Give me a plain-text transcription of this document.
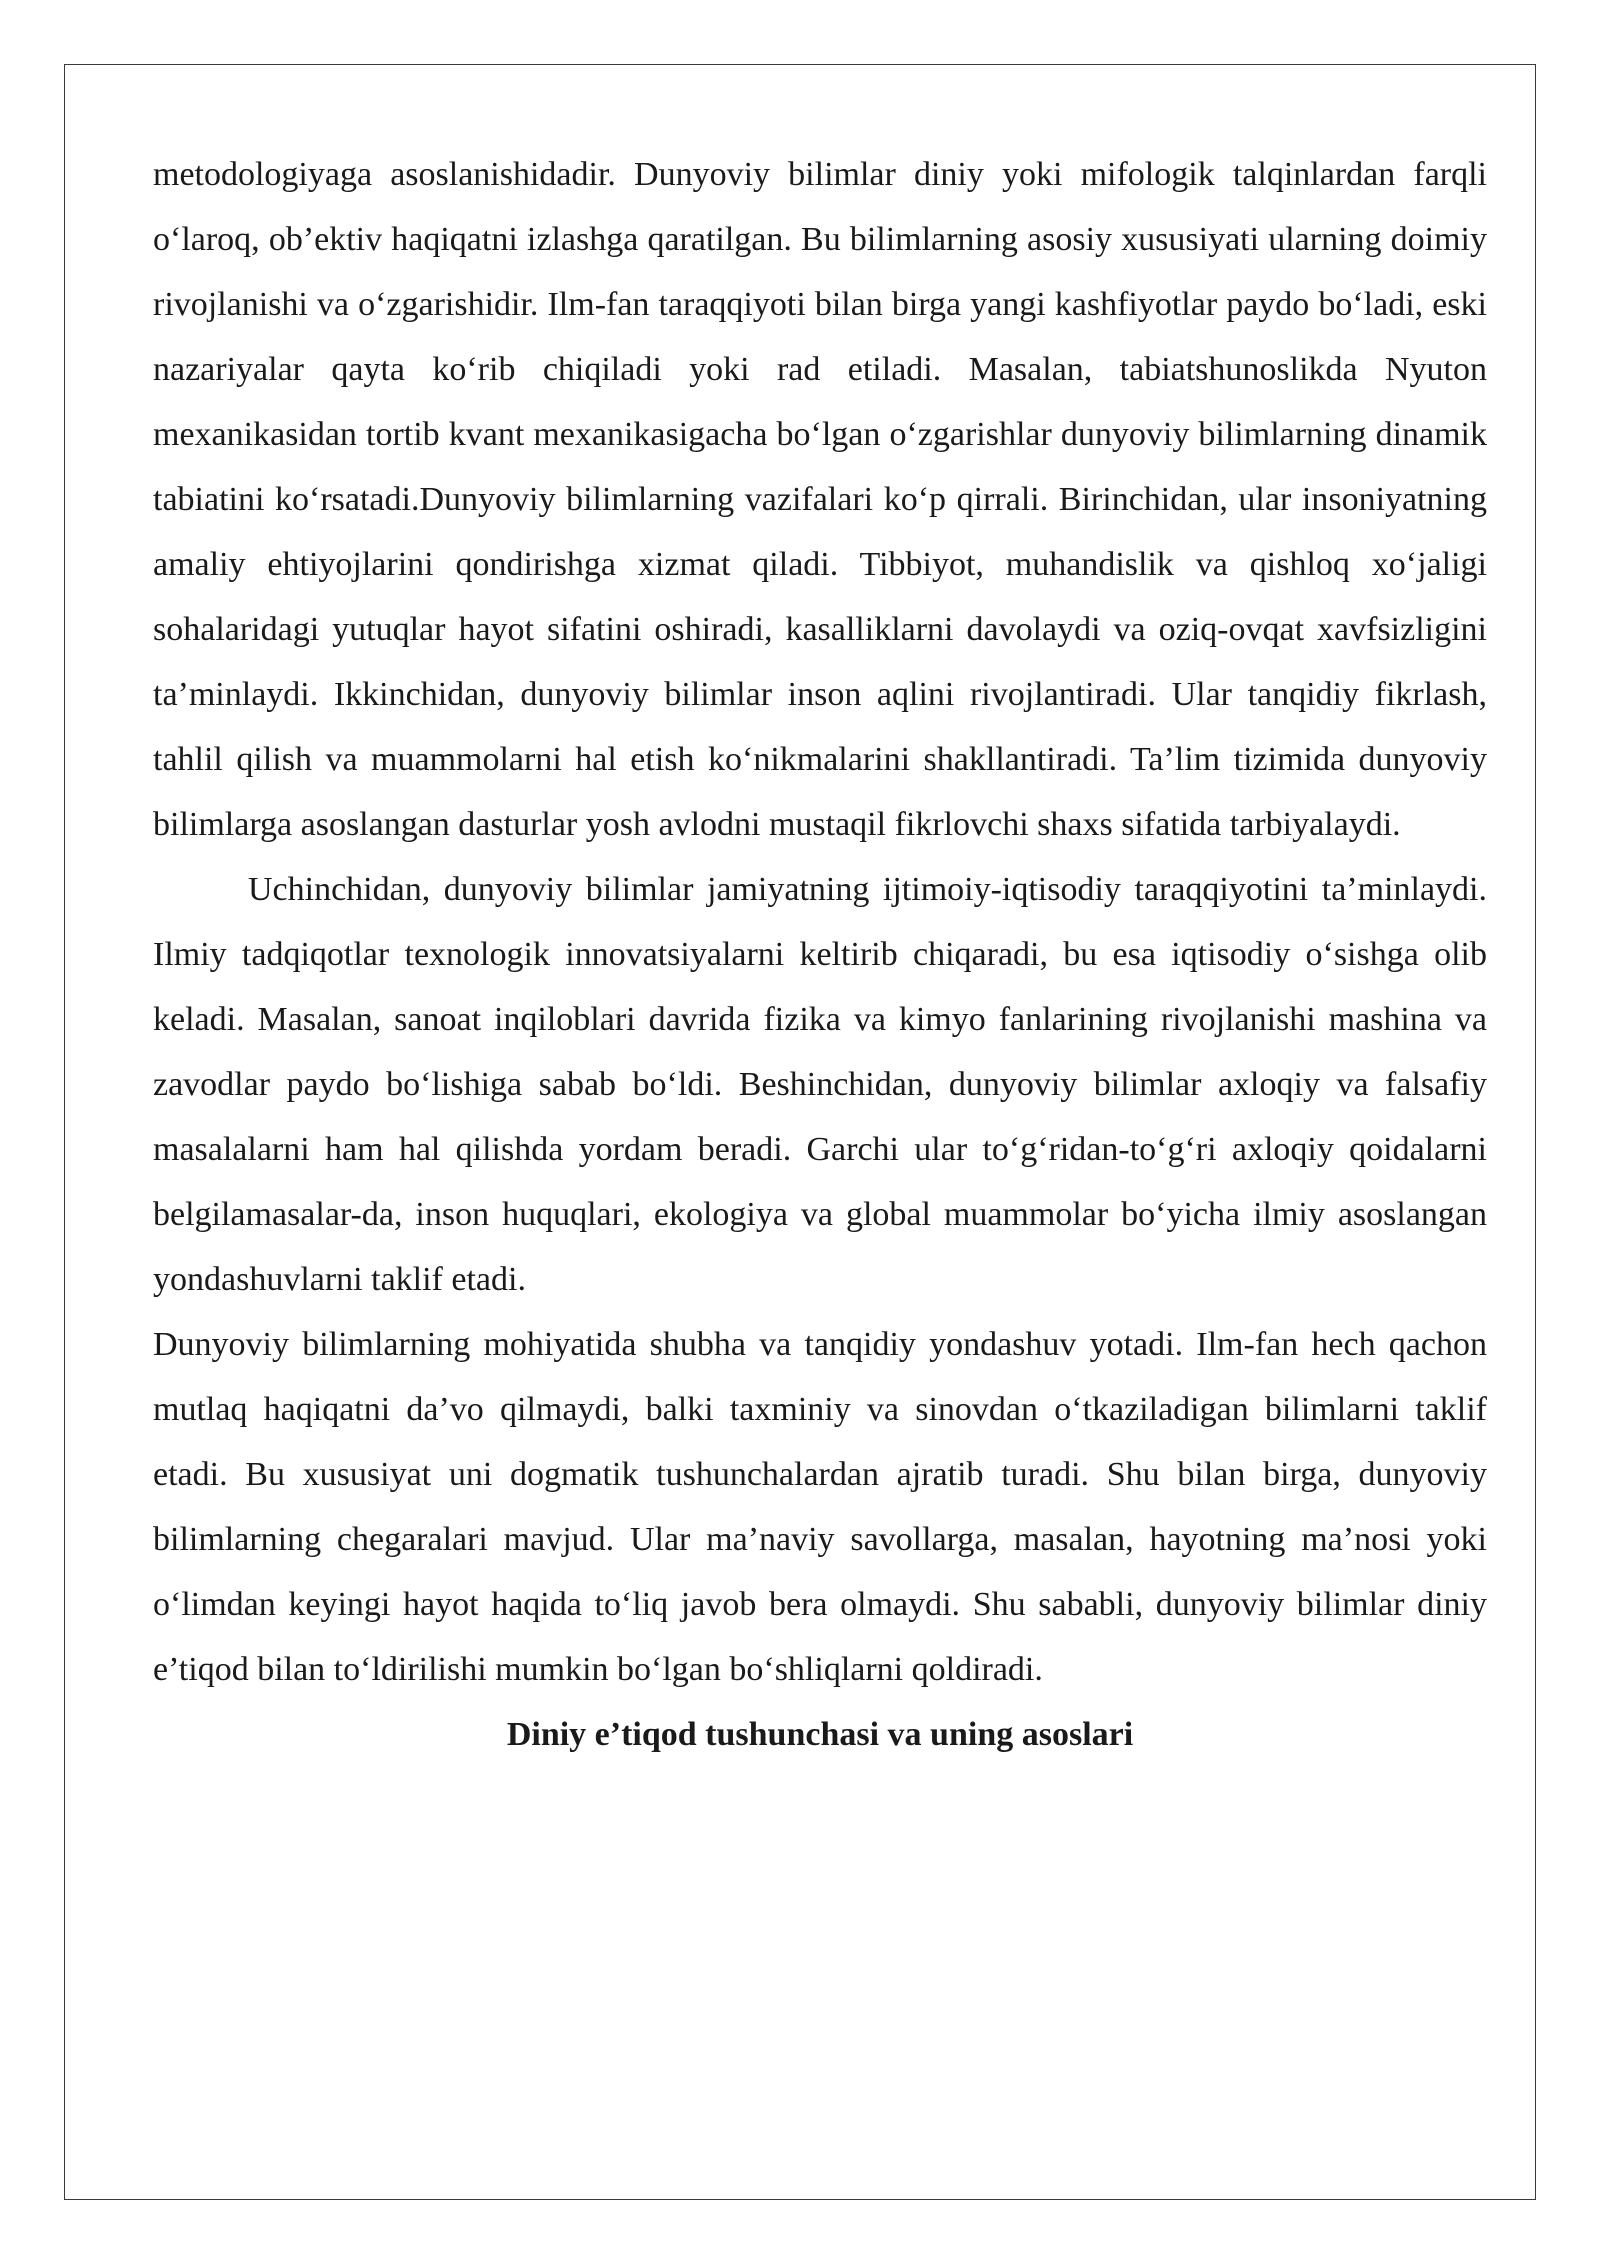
metodologiyaga asoslanishidadir. Dunyoviy bilimlar diniy yoki mifologik talqinlardan farqli o‘laroq, ob’ektiv haqiqatni izlashga qaratilgan. Bu bilimlarning asosiy xususiyati ularning doimiy rivojlanishi va o‘zgarishidir. Ilm-fan taraqqiyoti bilan birga yangi kashfiyotlar paydo bo‘ladi, eski nazariyalar qayta ko‘rib chiqiladi yoki rad etiladi. Masalan, tabiatshunoslikda Nyuton mexanikasidan tortib kvant mexanikasigacha bo‘lgan o‘zgarishlar dunyoviy bilimlarning dinamik tabiatini ko‘rsatadi.Dunyoviy bilimlarning vazifalari ko‘p qirrali. Birinchidan, ular insoniyatning amaliy ehtiyojlarini qondirishga xizmat qiladi. Tibbiyot, muhandislik va qishloq xo‘jaligi sohalaridagi yutuqlar hayot sifatini oshiradi, kasalliklarni davolaydi va oziq-ovqat xavfsizligini ta’minlaydi. Ikkinchidan, dunyoviy bilimlar inson aqlini rivojlantiradi. Ular tanqidiy fikrlash, tahlil qilish va muammolarni hal etish ko‘nikmalarini shakllantiradi. Ta’lim tizimida dunyoviy bilimlarga asoslangan dasturlar yosh avlodni mustaqil fikrlovchi shaxs sifatida tarbiyalaydi.

Uchinchidan, dunyoviy bilimlar jamiyatning ijtimoiy-iqtisodiy taraqqiyotini ta’minlaydi. Ilmiy tadqiqotlar texnologik innovatsiyalarni keltirib chiqaradi, bu esa iqtisodiy o‘sishga olib keladi. Masalan, sanoat inqiloblari davrida fizika va kimyo fanlarining rivojlanishi mashina va zavodlar paydo bo‘lishiga sabab bo‘ldi. Beshinchidan, dunyoviy bilimlar axloqiy va falsafiy masalalarni ham hal qilishda yordam beradi. Garchi ular to‘g‘ridan-to‘g‘ri axloqiy qoidalarni belgilamasalar-da, inson huquqlari, ekologiya va global muammolar bo‘yicha ilmiy asoslangan yondashuvlarni taklif etadi.

Dunyoviy bilimlarning mohiyatida shubha va tanqidiy yondashuv yotadi. Ilm-fan hech qachon mutlaq haqiqatni da’vo qilmaydi, balki taxminiy va sinovdan o‘tkaziladigan bilimlarni taklif etadi. Bu xususiyat uni dogmatik tushunchalardan ajratib turadi. Shu bilan birga, dunyoviy bilimlarning chegaralari mavjud. Ular ma’naviy savollarga, masalan, hayotning ma’nosi yoki o‘limdan keyingi hayot haqida to‘liq javob bera olmaydi. Shu sababli, dunyoviy bilimlar diniy e’tiqod bilan to‘ldirilishi mumkin bo‘lgan bo‘shliqlarni qoldiradi.

Diniy e’tiqod tushunchasi va uning asoslari
